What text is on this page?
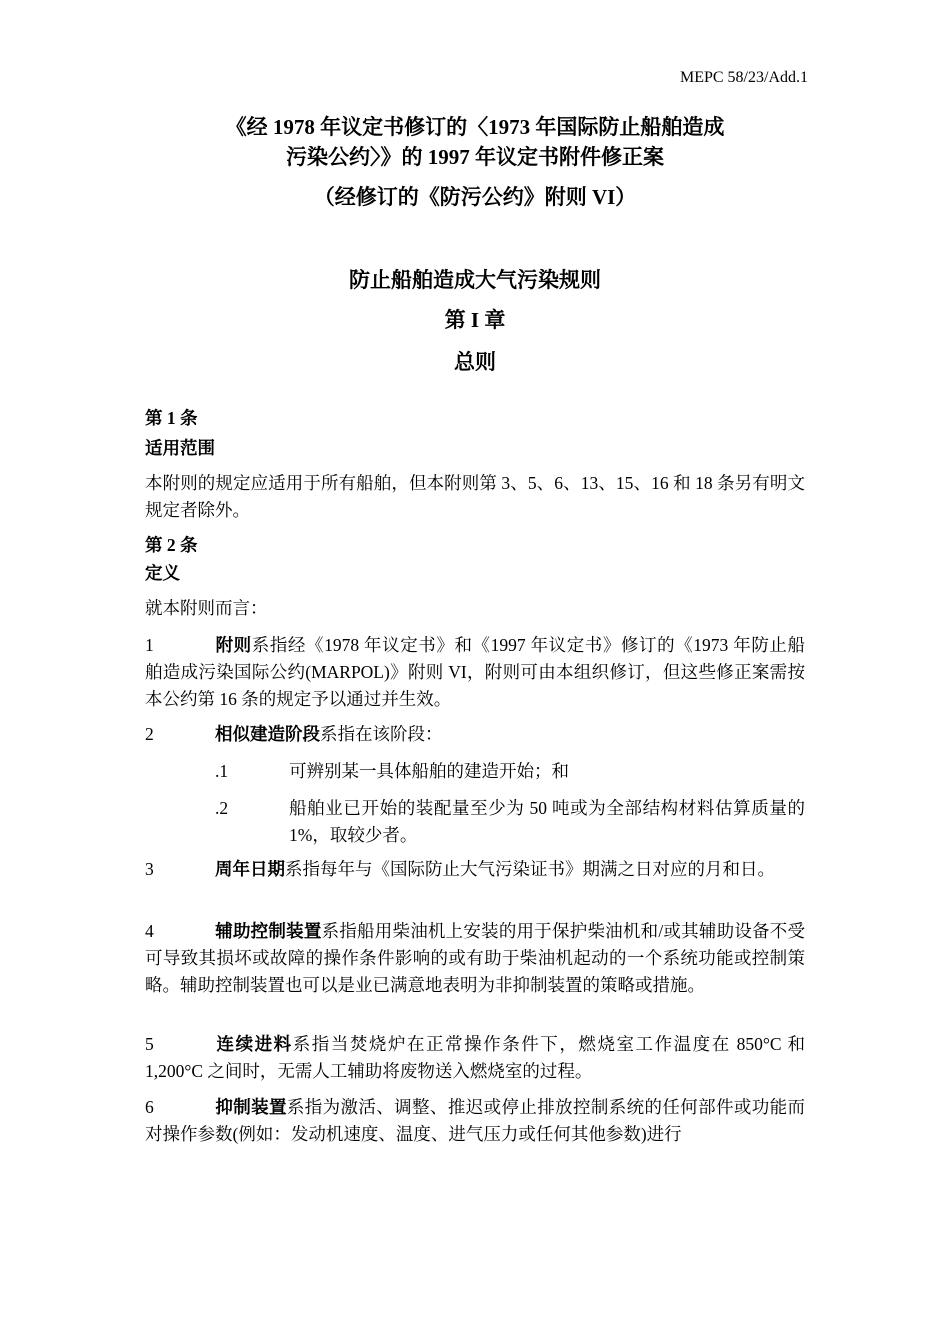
MEPC 58/23/Add.1
《经 1978 年议定书修订的〈1973 年国际防止船舶造成
污染公约〉》的 1997 年议定书附件修正案
（经修订的《防污公约》附则 VI）
防止船舶造成大气污染规则
第 I 章
总则
第 1 条
适用范围
本附则的规定应适用于所有船舶，但本附则第 3、5、6、13、15、16 和 18 条另有明文规定者除外。
第 2 条
定义
就本附则而言：
1	附则系指经《1978 年议定书》和《1997 年议定书》修订的《1973 年防止船舶造成污染国际公约(MARPOL)》附则 VI，附则可由本组织修订，但这些修正案需按本公约第 16 条的规定予以通过并生效。
2	相似建造阶段系指在该阶段：
.1	可辨别某一具体船舶的建造开始；和
.2	船舶业已开始的装配量至少为 50 吨或为全部结构材料估算质量的 1%，取较少者。
3	周年日期系指每年与《国际防止大气污染证书》期满之日对应的月和日。
4	辅助控制装置系指船用柴油机上安装的用于保护柴油机和/或其辅助设备不受可导致其损坏或故障的操作条件影响的或有助于柴油机起动的一个系统功能或控制策略。辅助控制装置也可以是业已满意地表明为非抑制装置的策略或措施。
5	连续进料系指当焚烧炉在正常操作条件下，燃烧室工作温度在 850°C 和 1,200°C 之间时，无需人工辅助将废物送入燃烧室的过程。
6	抑制装置系指为激活、调整、推迟或停止排放控制系统的任何部件或功能而对操作参数(例如：发动机速度、温度、进气压力或任何其他参数)进行
